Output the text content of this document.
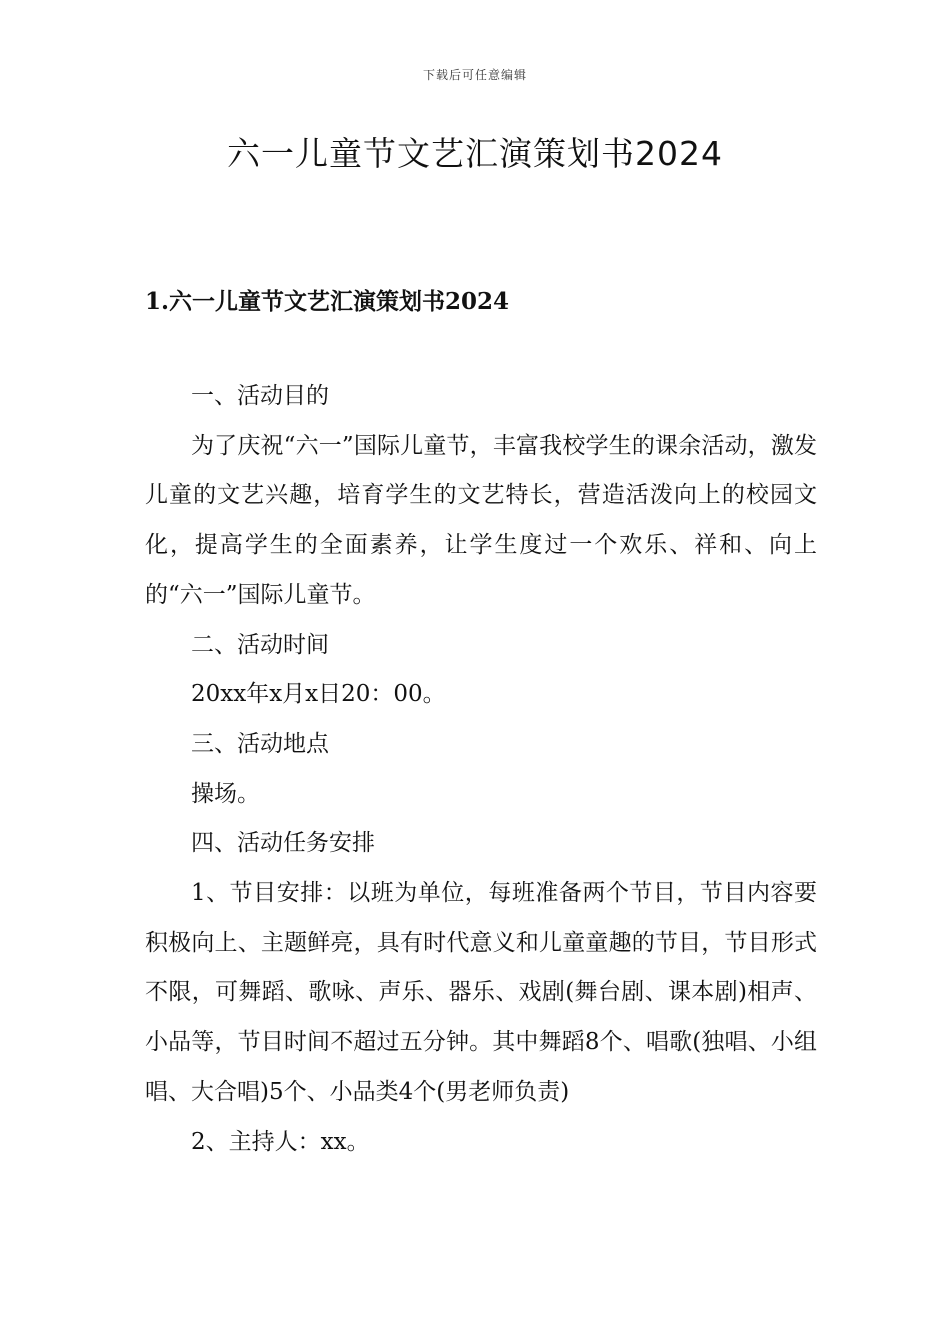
下载后可任意编辑
六一儿童节文艺汇演策划书2024
1.六一儿童节文艺汇演策划书2024

一、活动目的

为了庆祝“六一”国际儿童节，丰富我校学生的课余活动，激发儿童的文艺兴趣，培育学生的文艺特长，营造活泼向上的校园文化，提高学生的全面素养，让学生度过一个欢乐、祥和、向上的“六一”国际儿童节。

二、活动时间

20xx年x月x日20：00。

三、活动地点

操场。

四、活动任务安排

1、节目安排：以班为单位，每班准备两个节目，节目内容要积极向上、主题鲜亮，具有时代意义和儿童童趣的节目，节目形式不限，可舞蹈、歌咏、声乐、器乐、戏剧(舞台剧、课本剧)相声、小品等，节目时间不超过五分钟。其中舞蹈8个、唱歌(独唱、小组唱、大合唱)5个、小品类4个(男老师负责)

2、主持人：xx。
